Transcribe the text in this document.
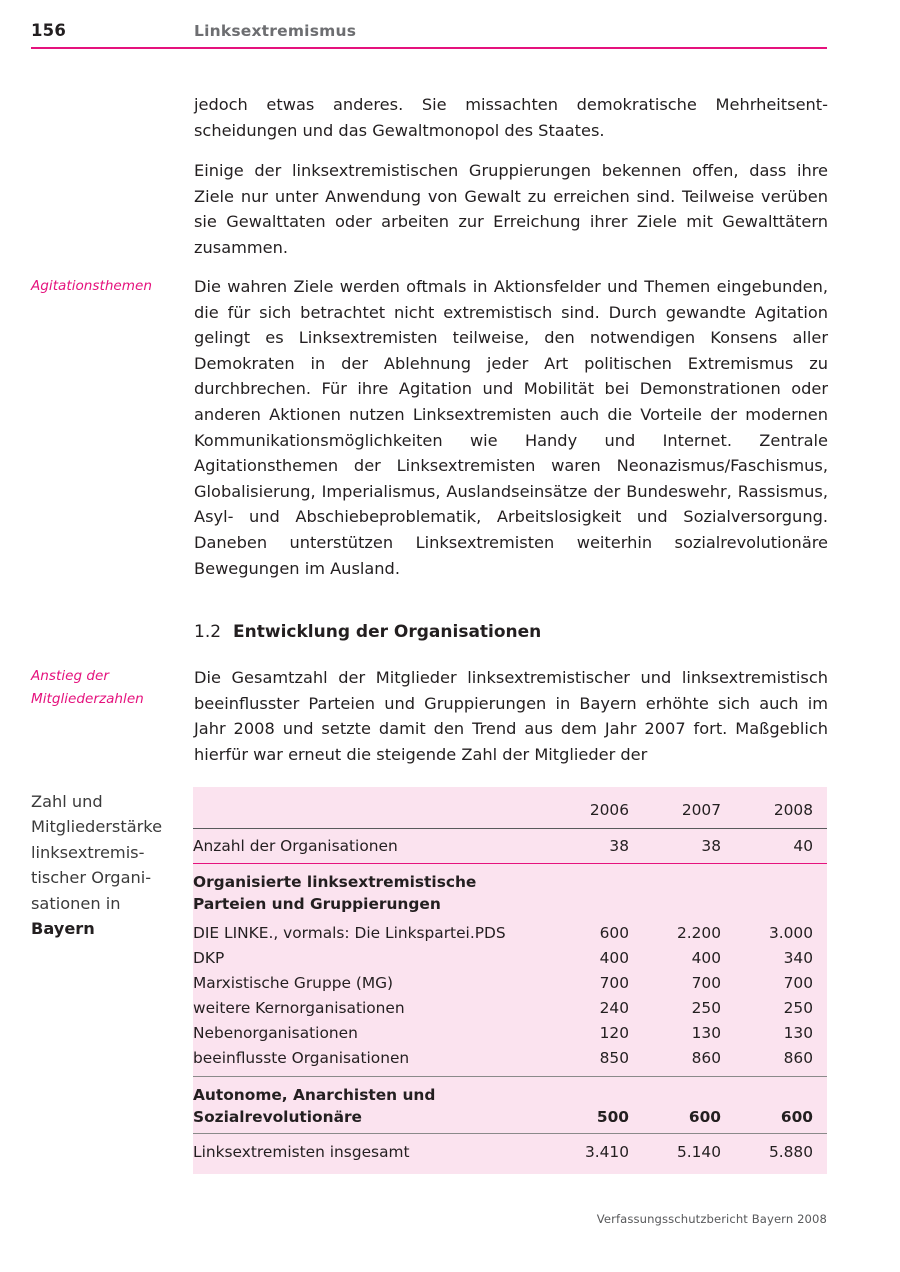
156	Linksextremismus
jedoch etwas anderes. Sie missachten demokratische Mehrheitsentscheidungen und das Gewaltmonopol des Staates.
Einige der linksextremistischen Gruppierungen bekennen offen, dass ihre Ziele nur unter Anwendung von Gewalt zu erreichen sind. Teilweise verüben sie Gewalttaten oder arbeiten zur Erreichung ihrer Ziele mit Gewalttätern zusammen.
Agitationsthemen	Die wahren Ziele werden oftmals in Aktionsfelder und Themen eingebunden, die für sich betrachtet nicht extremistisch sind. Durch gewandte Agitation gelingt es Linksextremisten teilweise, den notwendigen Konsens aller Demokraten in der Ablehnung jeder Art politischen Extremismus zu durchbrechen. Für ihre Agitation und Mobilität bei Demonstrationen oder anderen Aktionen nutzen Linksextremisten auch die Vorteile der modernen Kommunikationsmöglichkeiten wie Handy und Internet. Zentrale Agitationsthemen der Linksextremisten waren Neonazismus/Faschismus, Globalisierung, Imperialismus, Auslandseinsätze der Bundeswehr, Rassismus, Asyl- und Abschiebeproblematik, Arbeitslosigkeit und Sozialversorgung. Daneben unterstützen Linksextremisten weiterhin sozialrevolutionäre Bewegungen im Ausland.
1.2 Entwicklung der Organisationen
Anstieg der
Mitgliederzahlen
Die Gesamtzahl der Mitglieder linksextremistischer und linksextremistisch beeinflusster Parteien und Gruppierungen in Bayern erhöhte sich auch im Jahr 2008 und setzte damit den Trend aus dem Jahr 2007 fort. Maßgeblich hierfür war erneut die steigende Zahl der Mitglieder der
Zahl und
Mitgliederstärke
linksextremis-
tischer Organi-
sationen in
Bayern
	2006	2007	2008
Anzahl der Organisationen	38	38	40
Organisierte linksextremistische			
Parteien und Gruppierungen			
DIE LINKE., vormals: Die Linkspartei.PDS	600	2.200	3.000
DKP	400	400	340
Marxistische Gruppe (MG)	700	700	700
weitere Kernorganisationen	240	250	250
Nebenorganisationen	120	130	130
beeinflusste Organisationen	850	860	860

Autonome, Anarchisten und			
Sozialrevolutionäre	500	600	600
Linksextremisten insgesamt	3.410	5.140	5.880
Verfassungsschutzbericht Bayern 2008
